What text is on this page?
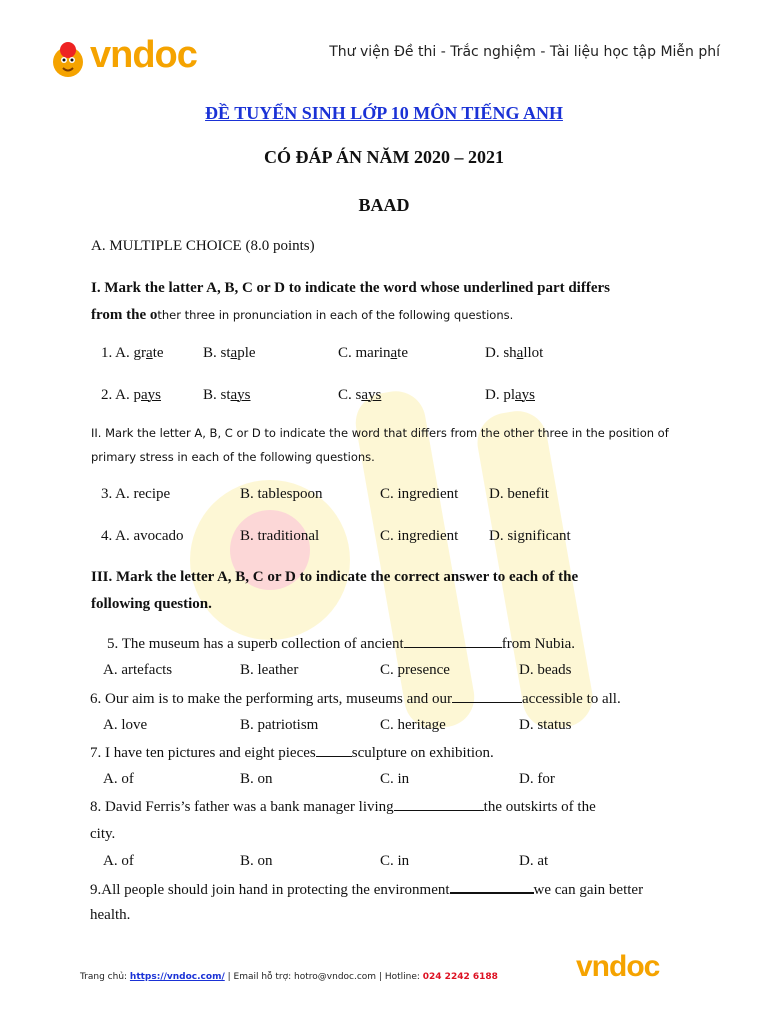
vndoc	Thư viện Đề thi - Trắc nghiệm - Tài liệu học tập Miễn phí
ĐỀ TUYỂN SINH LỚP 10 MÔN TIẾNG ANH
CÓ ĐÁP ÁN NĂM 2020 – 2021
BAAD
A. MULTIPLE CHOICE (8.0 points)
I. Mark the latter A, B, C or D to indicate the word whose underlined part differs
from the other three in pronunciation in each of the following questions.
1. A. grate	B. staple	C. marinate	D. shallot
2. A. pays	B. stays	C. says	D. plays
II. Mark the letter A, B, C or D to indicate the word that differs from the other three in the position of
primary stress in each of the following questions.
3. A. recipe	B. tablespoon	C. ingredient D. benefit
4. A. avocado	B. traditional	C. ingredient D. significant
III. Mark the letter A, B, C or D to indicate the correct answer to each of the
following question.
5. The museum has a superb collection of ancient	from Nubia.
A. artefacts	B. leather	C. presence	D. beads
6. Our aim is to make the performing arts, museums and our	accessible to all.
A. love	B. patriotism	C. heritage	D. status
7. I have ten pictures and eight pieces sculpture on exhibition.
A. of	B. on	C. in	D. for
8. David Ferris’s father was a bank manager living	the outskirts of the
city.
A. of	B. on	C. in	D. at
9.All people should join hand in protecting the environment	we can gain better
health.
Trang chủ: https://vndoc.com/ | Email hỗ trợ: hotro@vndoc.com | Hotline: 024 2242 6188	vndoc
